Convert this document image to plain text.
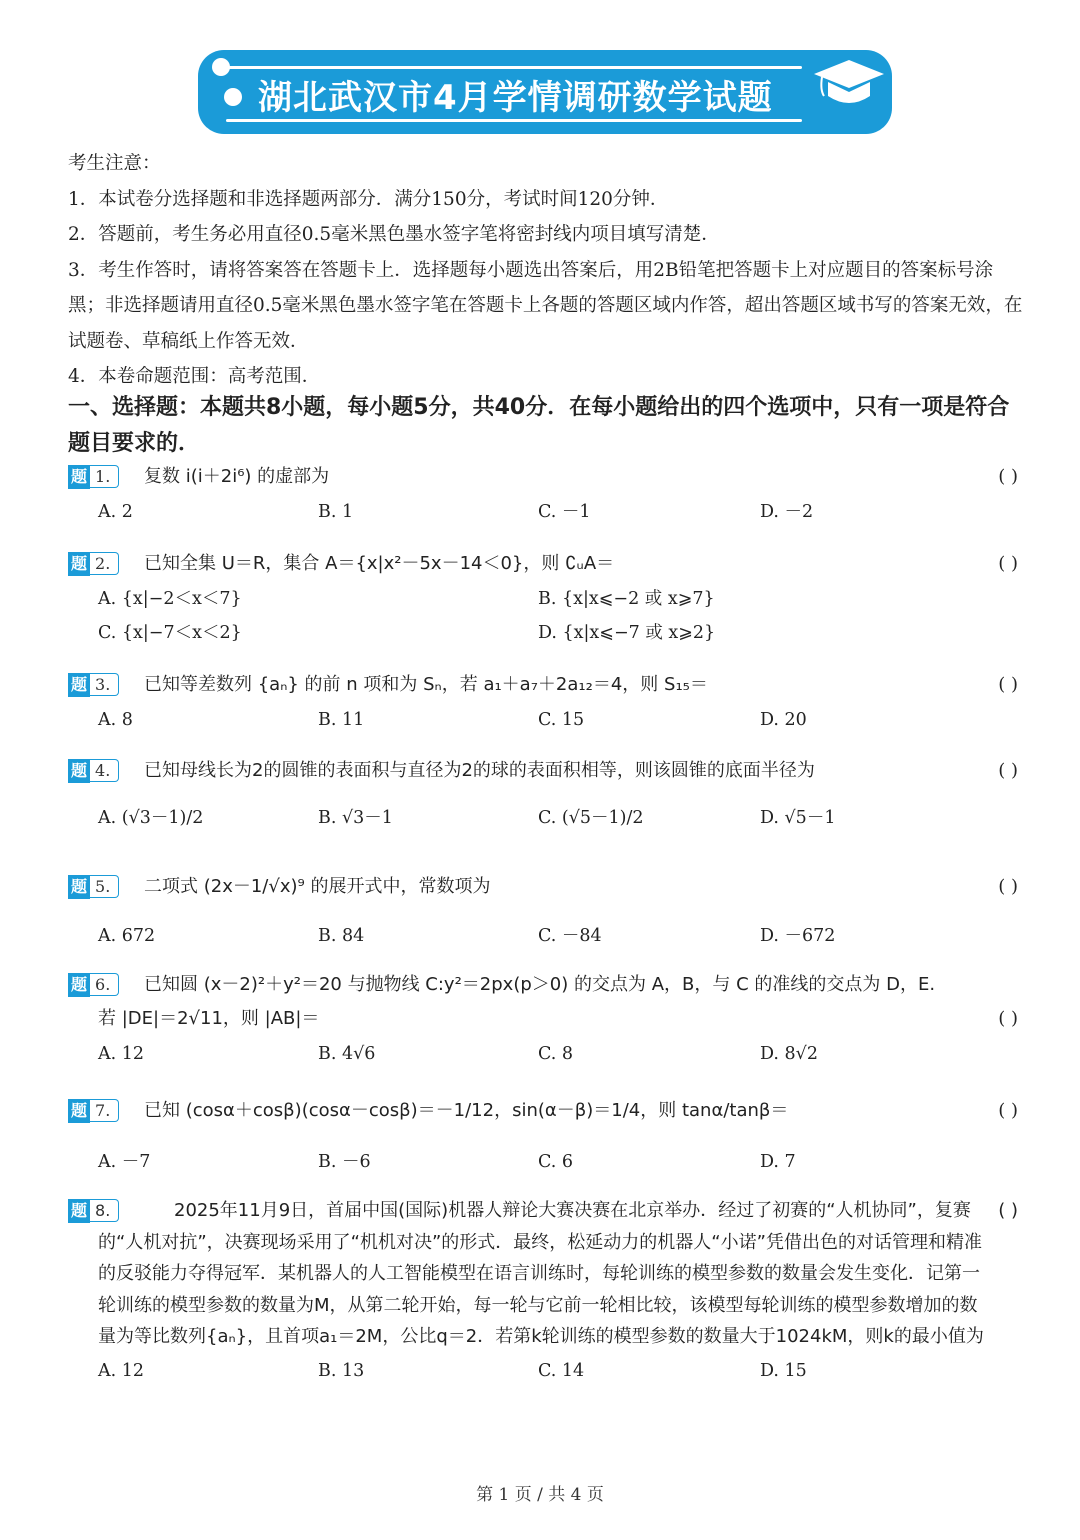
湖北武汉市4月学情调研数学试题

考生注意：

1．本试卷分选择题和非选择题两部分．满分150分，考试时间120分钟．

2．答题前，考生务必用直径0.5毫米黑色墨水签字笔将密封线内项目填写清楚．

3．考生作答时，请将答案答在答题卡上．选择题每小题选出答案后，用2B铅笔把答题卡上对应题目的答案标号涂黑；非选择题请用直径0.5毫米黑色墨水签字笔在答题卡上各题的答题区域内作答，超出答题区域书写的答案无效，在试题卷、草稿纸上作答无效．

4．本卷命题范围：高考范围．

一、选择题：本题共8小题，每小题5分，共40分．在每小题给出的四个选项中，只有一项是符合题目要求的．
题 1. 复数 i(i＋2i⁶) 的虚部为	( )
A. 2	B. 1	C. －1	D. －2
题 2. 已知全集 U＝R，集合 A＝{x|x²－5x－14＜0}，则 ∁ᵤA＝	( )
A. {x|−2＜x＜7}	B. {x|x⩽−2 或 x⩾7}
C. {x|−7＜x＜2}	D. {x|x⩽−7 或 x⩾2}
题 3. 已知等差数列 {aₙ} 的前 n 项和为 Sₙ，若 a₁＋a₇＋2a₁₂＝4，则 S₁₅＝	( )
A. 8	B. 11	C. 15	D. 20
题 4. 已知母线长为2的圆锥的表面积与直径为2的球的表面积相等，则该圆锥的底面半径为	( )
A. (√3－1)/2	B. √3－1	C. (√5－1)/2	D. √5－1
题 5. 二项式 (2x－1/√x)⁹ 的展开式中，常数项为	( )
A. 672	B. 84	C. －84	D. －672
题 6. 已知圆 (x－2)²＋y²＝20 与抛物线 C:y²＝2px(p＞0) 的交点为 A，B，与 C 的准线的交点为 D，E.
若 |DE|＝2√11，则 |AB|＝	( )
A. 12	B. 4√6	C. 8	D. 8√2
题 7. 已知 (cosα＋cosβ)(cosα－cosβ)＝－1/12，sin(α－β)＝1/4，则 tanα/tanβ＝	( )
A. －7	B. －6	C. 6	D. 7
题 8.	2025年11月9日，首届中国(国际)机器人辩论大赛决赛在北京举办．经过了初赛的“人机协同”，复赛的“人机对抗”，决赛现场采用了“机机对决”的形式．最终，松延动力的机器人“小诺”凭借出色的对话管理和精准的反驳能力夺得冠军．某机器人的人工智能模型在语言训练时，每轮训练的模型参数的数量会发生变化．记第一轮训练的模型参数的数量为M，从第二轮开始，每一轮与它前一轮相比较，该模型每轮训练的模型参数增加的数量为等比数列{aₙ}，且首项a₁＝2M，公比q＝2．若第k轮训练的模型参数的数量大于1024kM，则k的最小值为
( )
A. 12	B. 13	C. 14	D. 15
第 1 页 / 共 4 页
